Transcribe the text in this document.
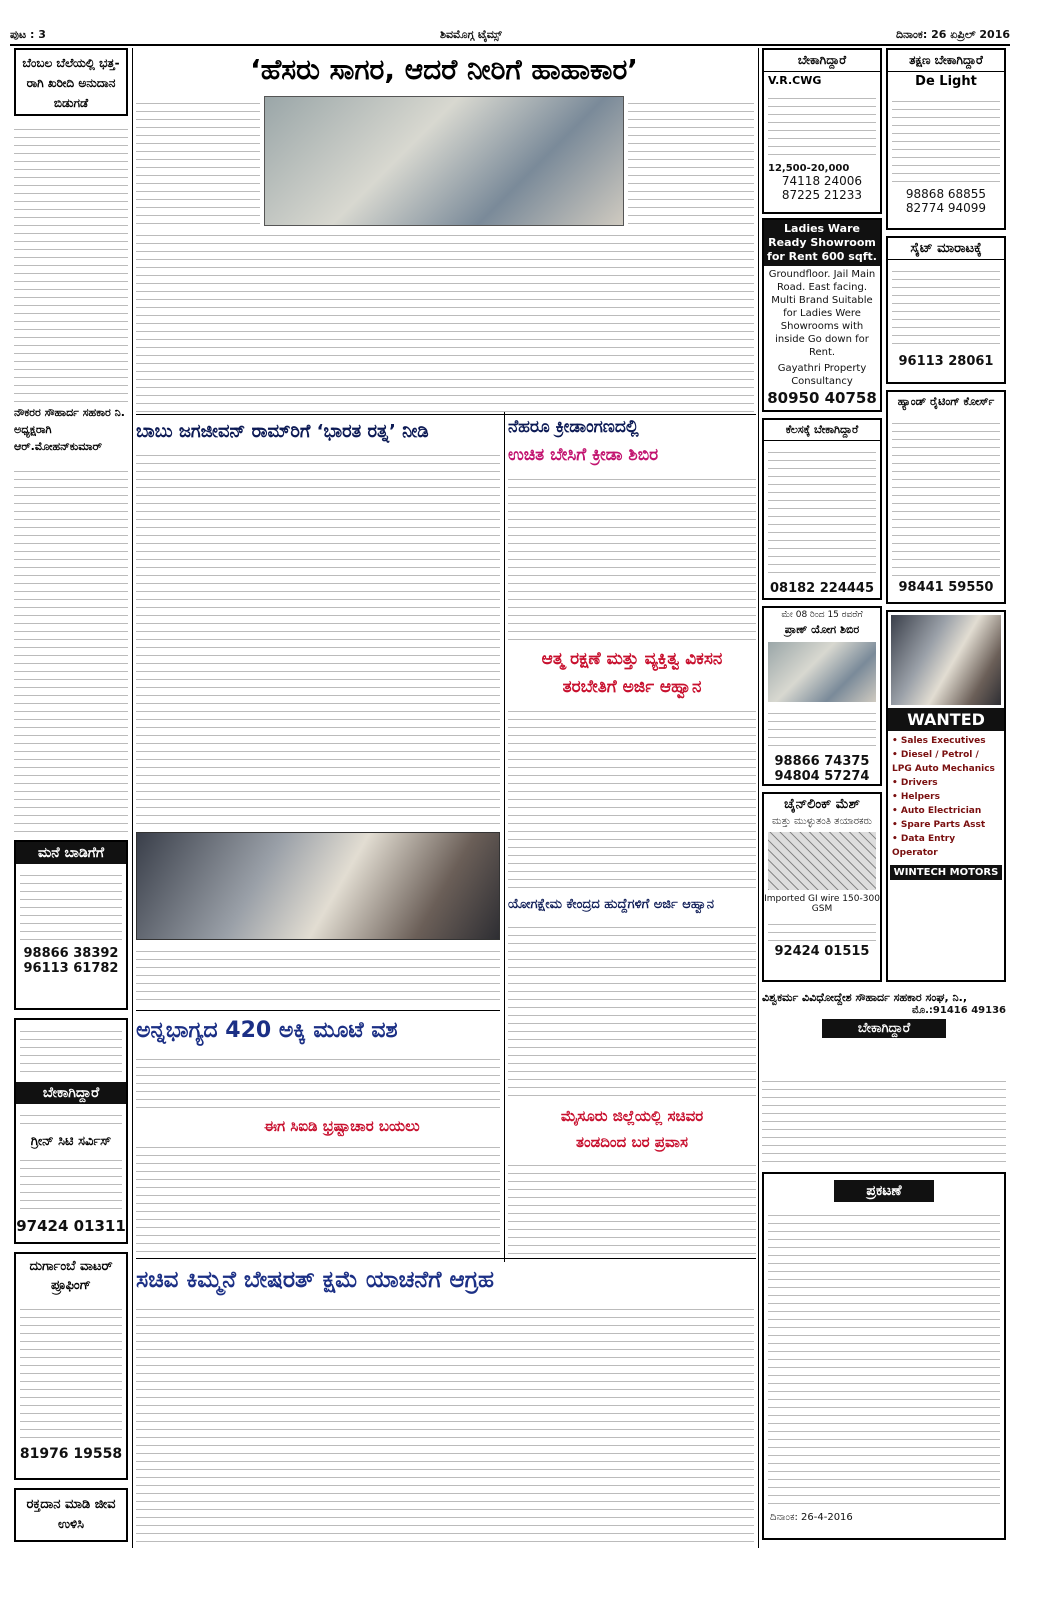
ಪುಟ : 3	ಶಿವಮೊಗ್ಗ ಟೈಮ್ಸ್	ದಿನಾಂಕ: 26 ಏಪ್ರಿಲ್ 2016
ಬೆಂಬಲ ಬೆಲೆಯಲ್ಲಿ ಭತ್ತ-ರಾಗಿ ಖರೀದಿ ಅನುದಾನ ಬಿಡುಗಡೆ
ನೌಕರರ ಸೌಹಾರ್ದ ಸಹಕಾರ ನಿ. ಅಧ್ಯಕ್ಷರಾಗಿ ಆರ್.ಮೋಹನ್‌ಕುಮಾರ್
ಮನೆ ಬಾಡಿಗೆಗೆ
98866 38392
96113 61782
ಬೇಕಾಗಿದ್ದಾರೆ
ಗ್ರೀನ್ ಸಿಟಿ ಸರ್ವಿಸ್
97424 01311
ದುರ್ಗಾಂಬೆ ವಾಟರ್ ಪ್ರೂಫಿಂಗ್
81976 19558
ರಕ್ತದಾನ ಮಾಡಿ ಜೀವ ಉಳಿಸಿ
‘ಹೆಸರು ಸಾಗರ, ಆದರೆ ನೀರಿಗೆ ಹಾಹಾಕಾರ’
ಬಾಬು ಜಗಜೀವನ್ ರಾಮ್‌ರಿಗೆ ‘ಭಾರತ ರತ್ನ’ ನೀಡಿ	ನೆಹರೂ ಕ್ರೀಡಾಂಗಣದಲ್ಲಿ
ಉಚಿತ ಬೇಸಿಗೆ ಕ್ರೀಡಾ ಶಿಬಿರ
ಆತ್ಮ ರಕ್ಷಣೆ ಮತ್ತು ವ್ಯಕ್ತಿತ್ವ ವಿಕಸನ
ತರಬೇತಿಗೆ ಅರ್ಜಿ ಆಹ್ವಾನ
ಯೋಗಕ್ಷೇಮ ಕೇಂದ್ರದ ಹುದ್ದೆಗಳಿಗೆ ಅರ್ಜಿ ಆಹ್ವಾನ
ಅನ್ನಭಾಗ್ಯದ 420 ಅಕ್ಕಿ ಮೂಟೆ ವಶ
ಈಗ ಸಿಐಡಿ ಭ್ರಷ್ಟಾಚಾರ ಬಯಲು
ಮೈಸೂರು ಜಿಲ್ಲೆಯಲ್ಲಿ ಸಚಿವರ
ತಂಡದಿಂದ ಬರ ಪ್ರವಾಸ
ಸಚಿವ ಕಿಮ್ಮನೆ ಬೇಷರತ್ ಕ್ಷಮೆ ಯಾಚನೆಗೆ ಆಗ್ರಹ
ಬೇಕಾಗಿದ್ದಾರೆ
V.R.CWG
12,500-20,000
74118 24006
87225 21233
Ladies Ware Ready Showroom for Rent 600 sqft.
Groundfloor. Jail Main Road. East facing. Multi Brand Suitable for Ladies Were Showrooms with inside Go down for Rent.
Gayathri Property Consultancy
80950 40758
ಕೆಲಸಕ್ಕೆ ಬೇಕಾಗಿದ್ದಾರೆ
08182 224445
ಮೇ 08 ರಿಂದ 15 ರವರೆಗೆ
ಪ್ರಾಣ್ ಯೋಗ ಶಿಬಿರ
98866 74375
94804 57274
ಚೈನ್‌ಲಿಂಕ್ ಮೆಶ್
ಮತ್ತು ಮುಳ್ಳುತಂತಿ ತಯಾರಕರು
Imported GI wire 150-300 GSM
92424 01515
ತಕ್ಷಣ ಬೇಕಾಗಿದ್ದಾರೆ
De Light
98868 68855
82774 94099
ಸೈಟ್ ಮಾರಾಟಕ್ಕೆ
96113 28061
ಹ್ಯಾಂಡ್ ರೈಟಿಂಗ್ ಕೋರ್ಸ್
98441 59550
WANTED
• Sales Executives
• Diesel / Petrol / LPG Auto Mechanics
• Drivers
• Helpers
• Auto Electrician
• Spare Parts Asst
• Data Entry Operator
WINTECH MOTORS
ವಿಶ್ವಕರ್ಮ ವಿವಿಧೋದ್ದೇಶ ಸೌಹಾರ್ದ ಸಹಕಾರ ಸಂಘ, ನಿ.,
ಮೊ.:91416 49136
ಬೇಕಾಗಿದ್ದಾರೆ
ಪ್ರಕಟಣೆ
ದಿನಾಂಕ: 26-4-2016
